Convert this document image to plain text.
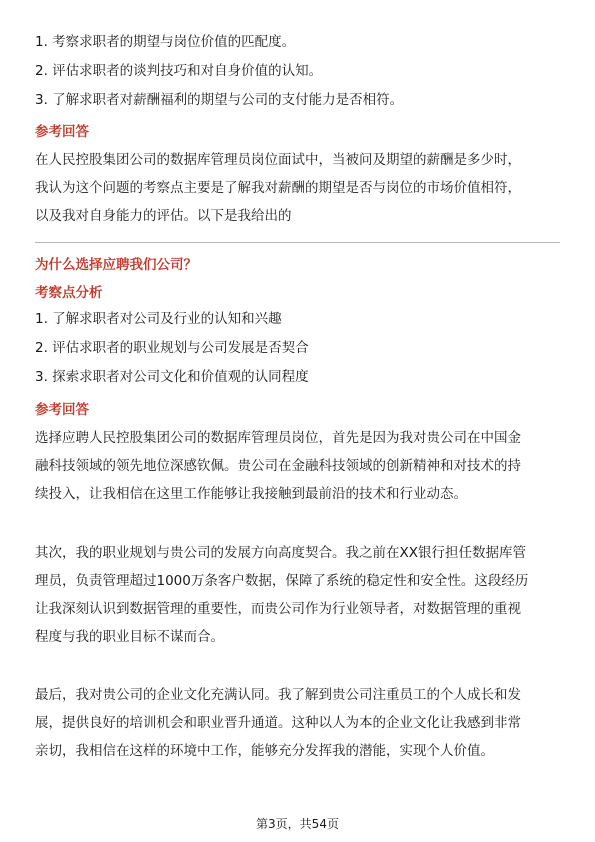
1. 考察求职者的期望与岗位价值的匹配度。
2. 评估求职者的谈判技巧和对自身价值的认知。
3. 了解求职者对薪酬福利的期望与公司的支付能力是否相符。
参考回答
在人民控股集团公司的数据库管理员岗位面试中，当被问及期望的薪酬是多少时，
我认为这个问题的考察点主要是了解我对薪酬的期望是否与岗位的市场价值相符，
以及我对自身能力的评估。以下是我给出的
为什么选择应聘我们公司？
考察点分析
1. 了解求职者对公司及行业的认知和兴趣
2. 评估求职者的职业规划与公司发展是否契合
3. 探索求职者对公司文化和价值观的认同程度
参考回答
选择应聘人民控股集团公司的数据库管理员岗位，首先是因为我对贵公司在中国金
融科技领域的领先地位深感钦佩。贵公司在金融科技领域的创新精神和对技术的持
续投入，让我相信在这里工作能够让我接触到最前沿的技术和行业动态。
其次，我的职业规划与贵公司的发展方向高度契合。我之前在XX银行担任数据库管
理员，负责管理超过1000万条客户数据，保障了系统的稳定性和安全性。这段经历
让我深刻认识到数据管理的重要性，而贵公司作为行业领导者，对数据管理的重视
程度与我的职业目标不谋而合。
最后，我对贵公司的企业文化充满认同。我了解到贵公司注重员工的个人成长和发
展，提供良好的培训机会和职业晋升通道。这种以人为本的企业文化让我感到非常
亲切，我相信在这样的环境中工作，能够充分发挥我的潜能，实现个人价值。
第3页，共54页
